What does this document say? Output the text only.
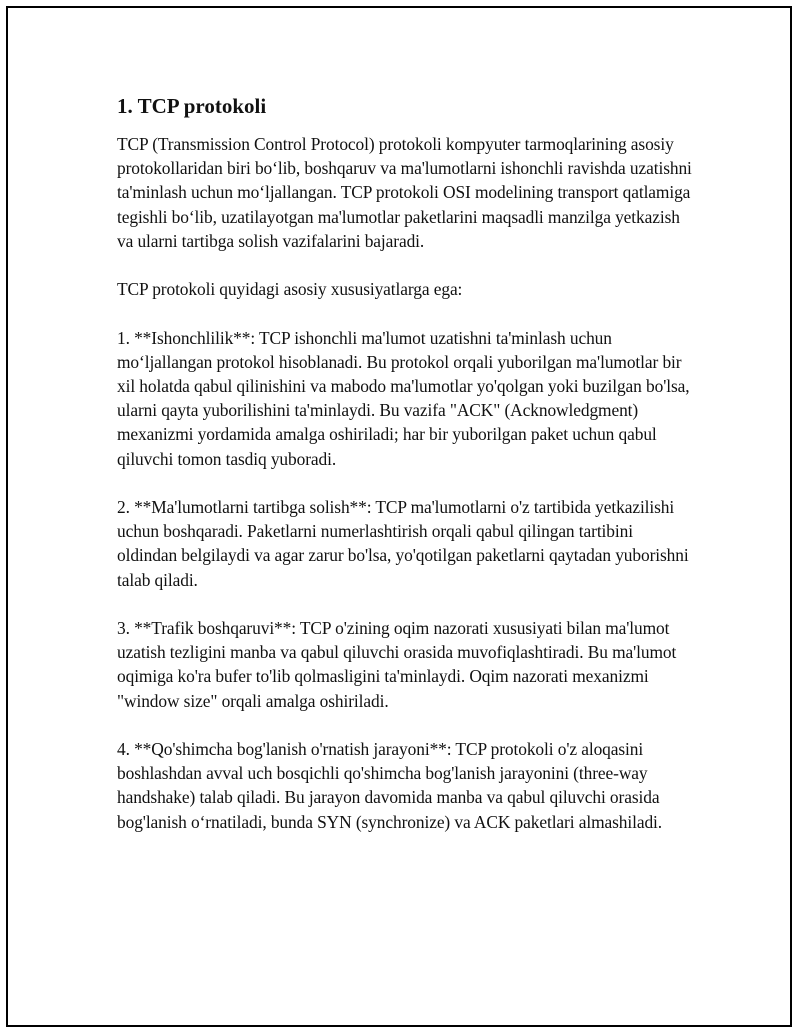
1. TCP protokoli

TCP (Transmission Control Protocol) protokoli kompyuter tarmoqlarining asosiy protokollaridan biri bo‘lib, boshqaruv va ma'lumotlarni ishonchli ravishda uzatishni ta'minlash uchun mo‘ljallangan. TCP protokoli OSI modelining transport qatlamiga tegishli bo‘lib, uzatilayotgan ma'lumotlar paketlarini maqsadli manzilga yetkazish va ularni tartibga solish vazifalarini bajaradi.

TCP protokoli quyidagi asosiy xususiyatlarga ega:

1. **Ishonchlilik**: TCP ishonchli ma'lumot uzatishni ta'minlash uchun mo‘ljallangan protokol hisoblanadi. Bu protokol orqali yuborilgan ma'lumotlar bir xil holatda qabul qilinishini va mabodo ma'lumotlar yo'qolgan yoki buzilgan bo'lsa, ularni qayta yuborilishini ta'minlaydi. Bu vazifa "ACK" (Acknowledgment) mexanizmi yordamida amalga oshiriladi; har bir yuborilgan paket uchun qabul qiluvchi tomon tasdiq yuboradi.

2. **Ma'lumotlarni tartibga solish**: TCP ma'lumotlarni o'z tartibida yetkazilishi uchun boshqaradi. Paketlarni numerlashtirish orqali qabul qilingan tartibini oldindan belgilaydi va agar zarur bo'lsa, yo'qotilgan paketlarni qaytadan yuborishni talab qiladi.

3. **Trafik boshqaruvi**: TCP o'zining oqim nazorati xususiyati bilan ma'lumot uzatish tezligini manba va qabul qiluvchi orasida muvofiqlashtiradi. Bu ma'lumot oqimiga ko'ra bufer to'lib qolmasligini ta'minlaydi. Oqim nazorati mexanizmi "window size" orqali amalga oshiriladi.

4. **Qo'shimcha bog'lanish o'rnatish jarayoni**: TCP protokoli o'z aloqasini boshlashdan avval uch bosqichli qo'shimcha bog'lanish jarayonini (three-way handshake) talab qiladi. Bu jarayon davomida manba va qabul qiluvchi orasida bog'lanish o‘rnatiladi, bunda SYN (synchronize) va ACK paketlari almashiladi.
